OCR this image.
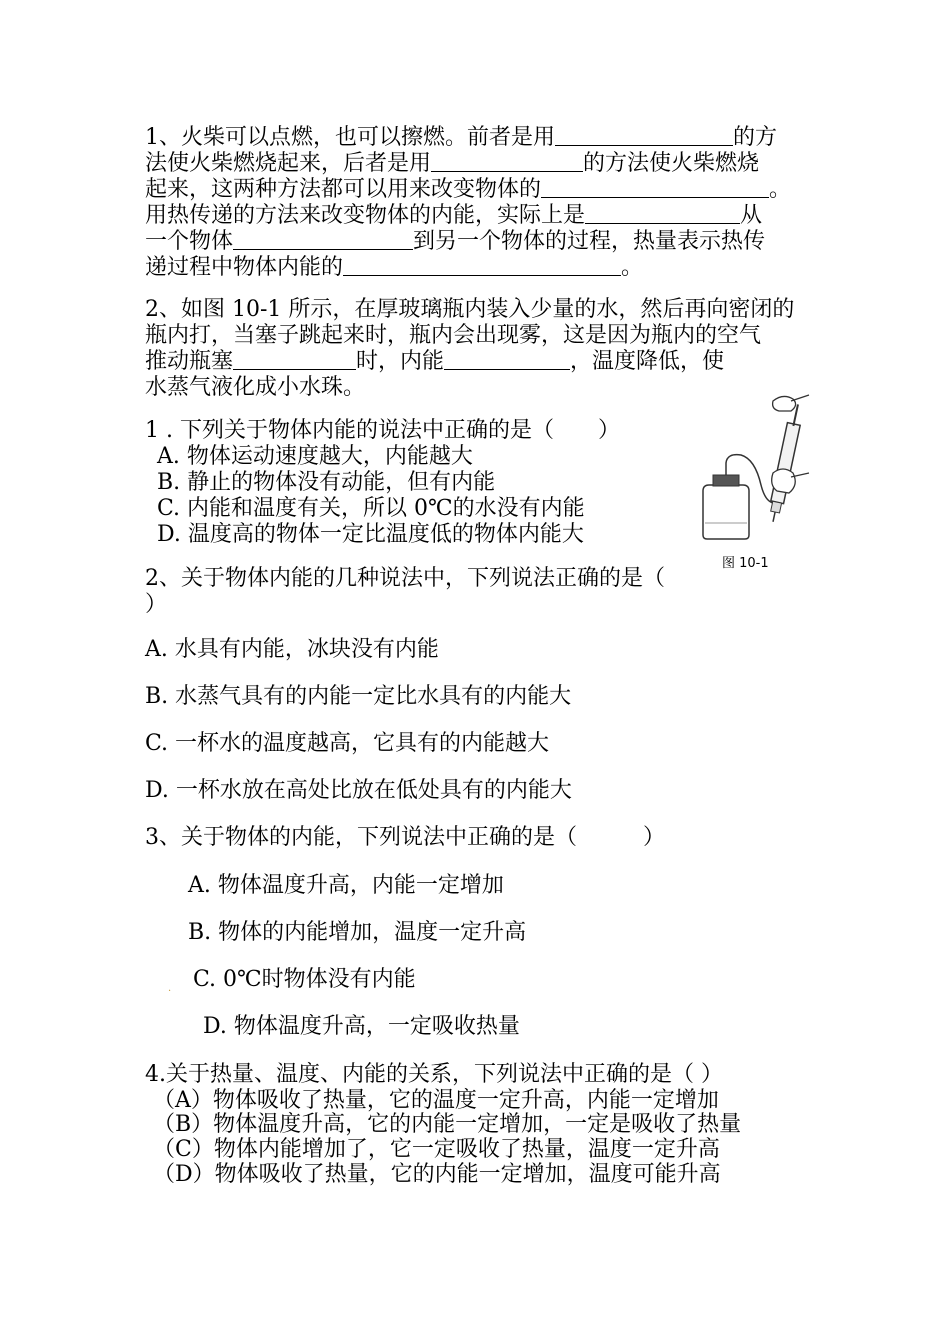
1、火柴可以点燃，也可以擦燃。前者是用	的方
法使火柴燃烧起来，后者是用	的方法使火柴燃烧
起来，这两种方法都可以用来改变物体的	。
用热传递的方法来改变物体的内能，实际上是	从
一个物体	到另一个物体的过程，热量表示热传
递过程中物体内能的	。
2、如图 10-1 所示，在厚玻璃瓶内装入少量的水，然后再向密闭的
瓶内打，当塞子跳起来时，瓶内会出现雾，这是因为瓶内的空气
推动瓶塞	时，内能	，温度降低，使
水蒸气液化成小水珠。
图 10-1
1 . 下列关于物体内能的说法中正确的是（　　）
A. 物体运动速度越大，内能越大
B. 静止的物体没有动能，但有内能
C. 内能和温度有关，所以 0℃的水没有内能
D. 温度高的物体一定比温度低的物体内能大
2、关于物体内能的几种说法中，下列说法正确的是（
）
A. 水具有内能，冰块没有内能
B. 水蒸气具有的内能一定比水具有的内能大
C. 一杯水的温度越高，它具有的内能越大
D. 一杯水放在高处比放在低处具有的内能大
3、关于物体的内能，下列说法中正确的是（　　　）
A. 物体温度升高，内能一定增加
B. 物体的内能增加，温度一定升高
· C. 0℃时物体没有内能
D. 物体温度升高，一定吸收热量
4.关于热量、温度、内能的关系，下列说法中正确的是（ ）
（A）物体吸收了热量，它的温度一定升高，内能一定增加
（B）物体温度升高，它的内能一定增加，一定是吸收了热量
（C）物体内能增加了，它一定吸收了热量，温度一定升高
（D）物体吸收了热量，它的内能一定增加，温度可能升高
